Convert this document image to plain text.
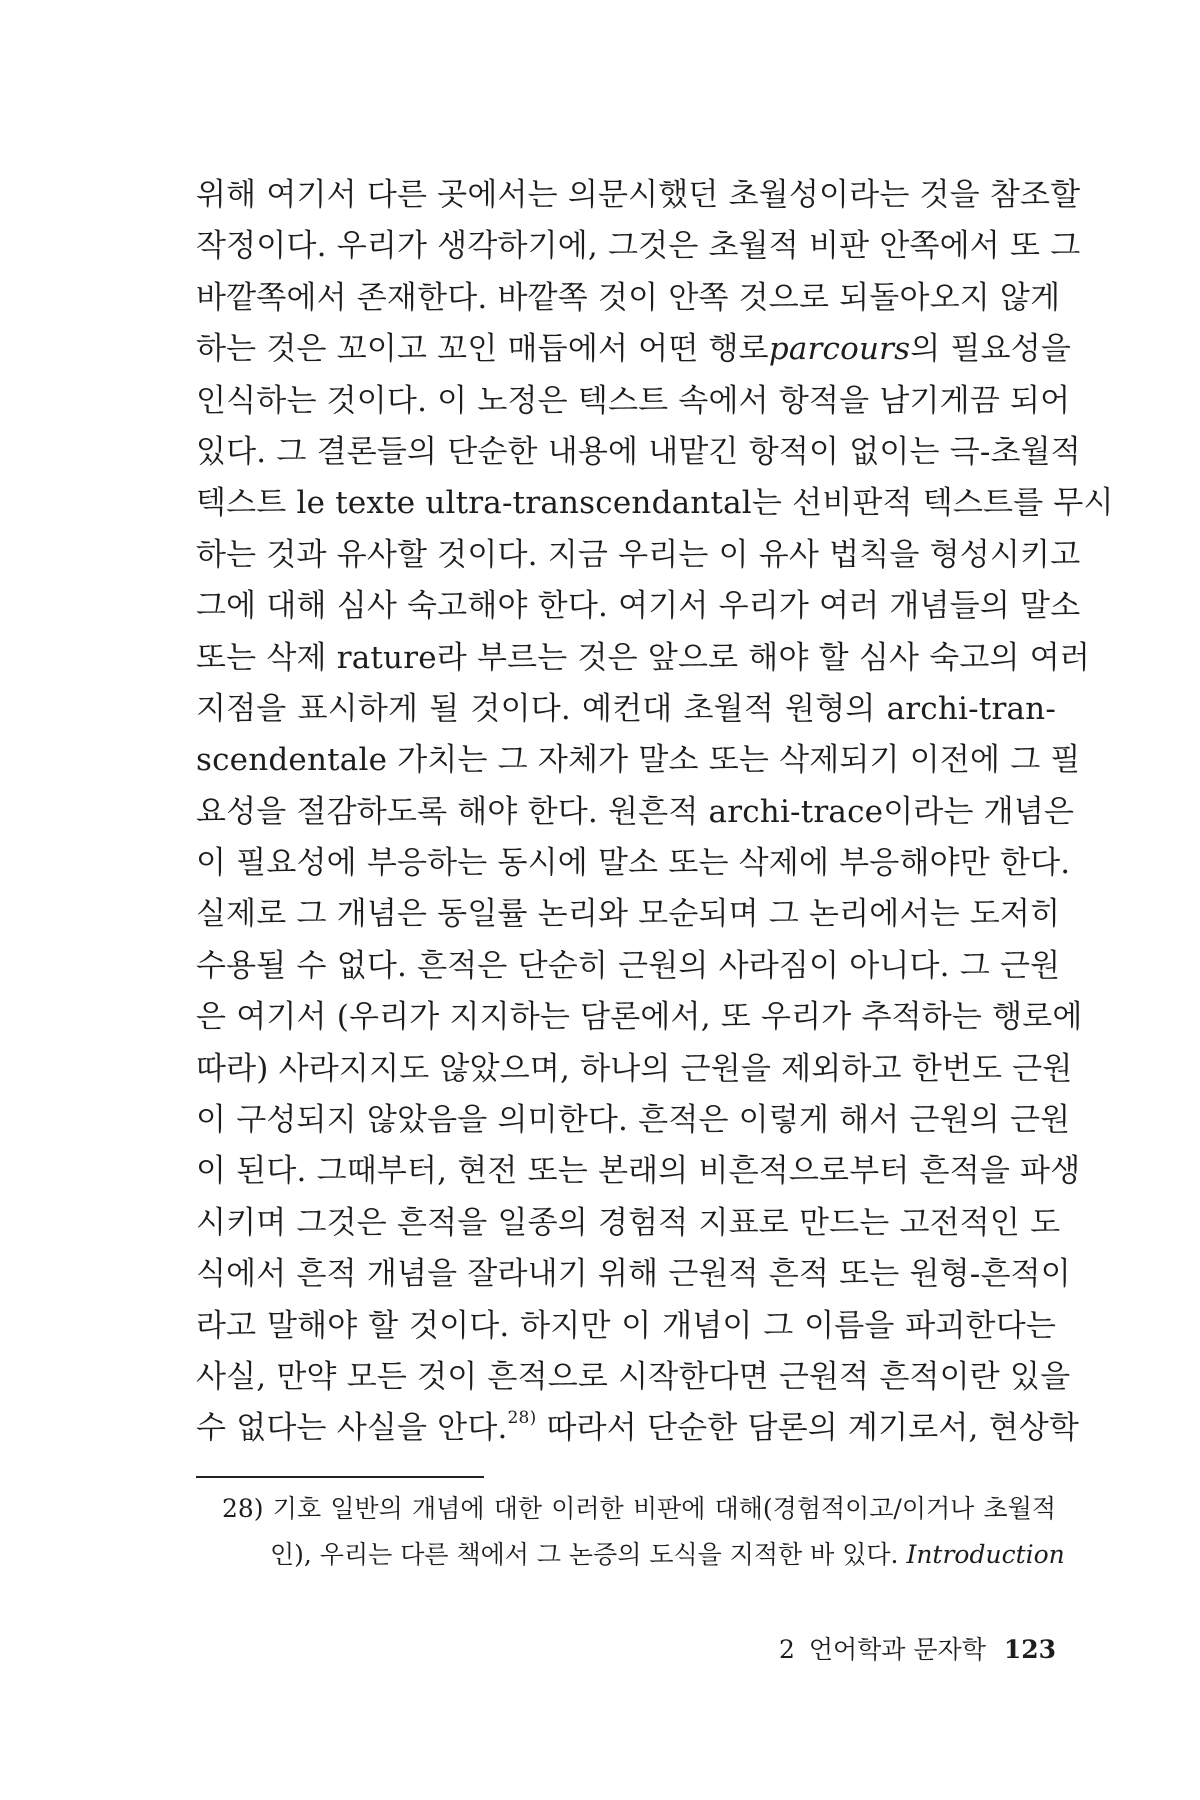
위해 여기서 다른 곳에서는 의문시했던 초월성이라는 것을 참조할
작정이다. 우리가 생각하기에, 그것은 초월적 비판 안쪽에서 또 그
바깥쪽에서 존재한다. 바깥쪽 것이 안쪽 것으로 되돌아오지 않게
하는 것은 꼬이고 꼬인 매듭에서 어떤 행로parcours의 필요성을
인식하는 것이다. 이 노정은 텍스트 속에서 항적을 남기게끔 되어
있다. 그 결론들의 단순한 내용에 내맡긴 항적이 없이는 극-초월적
텍스트 le texte ultra-transcendantal는 선비판적 텍스트를 무시
하는 것과 유사할 것이다. 지금 우리는 이 유사 법칙을 형성시키고
그에 대해 심사 숙고해야 한다. 여기서 우리가 여러 개념들의 말소
또는 삭제 rature라 부르는 것은 앞으로 해야 할 심사 숙고의 여러
지점을 표시하게 될 것이다. 예컨대 초월적 원형의 archi-tran-
scendentale 가치는 그 자체가 말소 또는 삭제되기 이전에 그 필
요성을 절감하도록 해야 한다. 원흔적 archi-trace이라는 개념은
이 필요성에 부응하는 동시에 말소 또는 삭제에 부응해야만 한다.
실제로 그 개념은 동일률 논리와 모순되며 그 논리에서는 도저히
수용될 수 없다. 흔적은 단순히 근원의 사라짐이 아니다. 그 근원
은 여기서 (우리가 지지하는 담론에서, 또 우리가 추적하는 행로에
따라) 사라지지도 않았으며, 하나의 근원을 제외하고 한번도 근원
이 구성되지 않았음을 의미한다. 흔적은 이렇게 해서 근원의 근원
이 된다. 그때부터, 현전 또는 본래의 비흔적으로부터 흔적을 파생
시키며 그것은 흔적을 일종의 경험적 지표로 만드는 고전적인 도
식에서 흔적 개념을 잘라내기 위해 근원적 흔적 또는 원형-흔적이
라고 말해야 할 것이다. 하지만 이 개념이 그 이름을 파괴한다는
사실, 만약 모든 것이 흔적으로 시작한다면 근원적 흔적이란 있을
수 없다는 사실을 안다.$^{28)}$ 따라서 단순한 담론의 계기로서, 현상학
28) 기호 일반의 개념에 대한 이러한 비판에 대해(경험적이고/이거나 초월적
인), 우리는 다른 책에서 그 논증의 도식을 지적한 바 있다. Introduction
2 언어학과 문자학 123
